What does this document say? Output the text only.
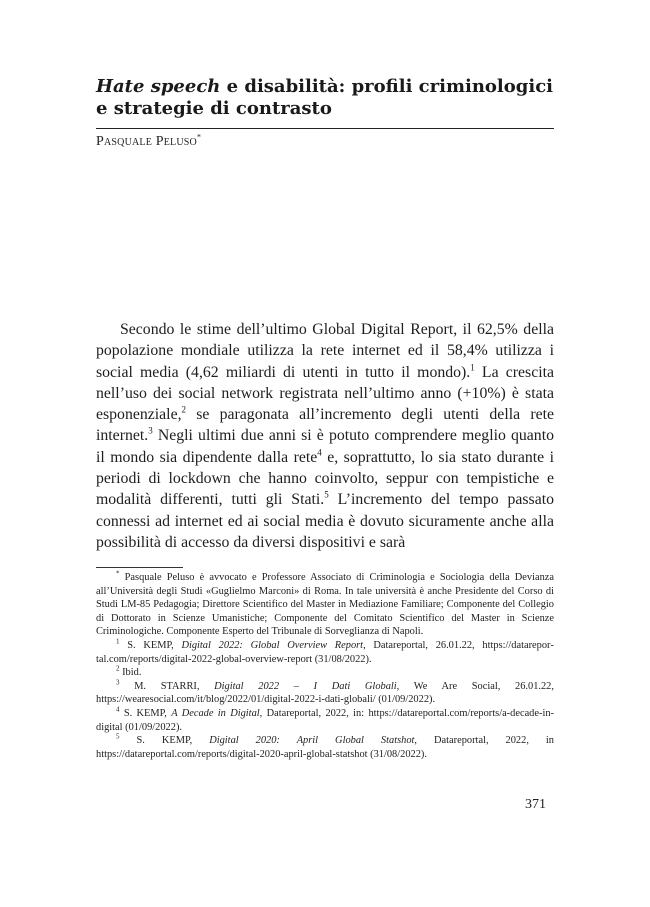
Hate speech e disabilità: profili criminologici e strategie di contrasto
Pasquale Peluso*

Secondo le stime dell’ultimo Global Digital Report, il 62,5% della popolazione mondiale utilizza la rete internet ed il 58,4% utilizza i social media (4,62 miliardi di utenti in tutto il mondo).$^1$ La crescita nell’uso dei social network registrata nell’ultimo anno (+10%) è stata esponenziale,$^2$ se paragonata all’incremento degli utenti della rete internet.$^3$ Negli ultimi due anni si è potuto comprendere meglio quanto il mondo sia dipendente dalla rete$^4$ e, soprattutto, lo sia stato durante i periodi di lockdown che hanno coinvolto, seppur con tempistiche e modalità differenti, tutti gli Stati.$^5$ L’incremento del tempo passato connessi ad internet ed ai social media è dovuto sicuramente anche alla possibilità di accesso da diversi dispositivi e sarà

* Pasquale Peluso è avvocato e Professore Associato di Criminologia e Sociologia della Devianza all’Università degli Studi «Guglielmo Marconi» di Roma. In tale università è anche Presidente del Corso di Studi LM-85 Pedagogia; Direttore Scientifico del Master in Mediazione Familiare; Componente del Collegio di Dottorato in Scienze Umanistiche; Componente del Comitato Scientifico del Master in Scienze Criminologiche. Componente Esperto del Tribunale di Sorveglianza di Napoli.

$^1$ S. KEMP, Digital 2022: Global Overview Report, Datareportal, 26.01.22, https://datareportal.com/reports/digital-2022-global-overview-report (31/08/2022).

$^2$ Ibid.

$^3$ M. STARRI, Digital 2022 – I Dati Globali, We Are Social, 26.01.22, https://wearesocial.com/it/blog/2022/01/digital-2022-i-dati-globali/ (01/09/2022).

$^4$ S. KEMP, A Decade in Digital, Datareportal, 2022, in: https://datareportal.com/reports/a-decade-in-digital (01/09/2022).

$^5$ S. KEMP, Digital 2020: April Global Statshot, Datareportal, 2022, in https://datareportal.com/reports/digital-2020-april-global-statshot (31/08/2022).

371
